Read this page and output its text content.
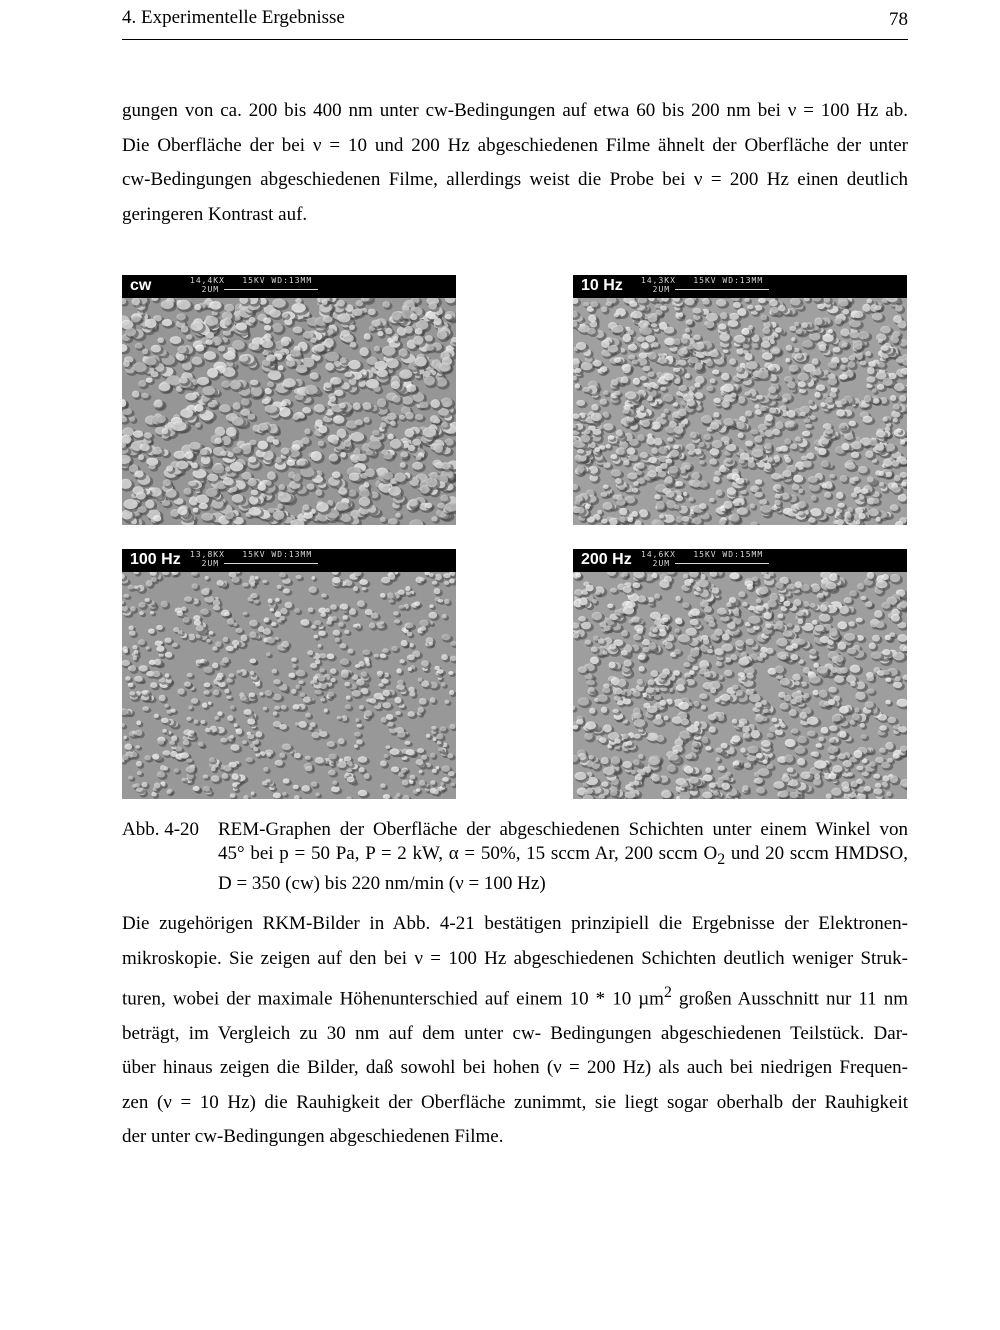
4. Experimentelle Ergebnisse	78

gungen von ca. 200 bis 400 nm unter cw-Bedingungen auf etwa 60 bis 200 nm bei ν = 100 Hz ab.
Die Oberfläche der bei ν = 10 und 200 Hz abgeschiedenen Filme ähnelt der Oberfläche der unter
cw-Bedingungen abgeschiedenen Filme, allerdings weist die Probe bei ν = 200 Hz einen deutlich
geringeren Kontrast auf.

cw	14,4KX   15KV WD:13MM
2UM	10 Hz 14,3KX   15KV WD:13MM
2UM
100 Hz 13,8KX   15KV WD:13MM
2UM	200 Hz 14,6KX   15KV WD:15MM
2UM
Abb. 4-20 REM-Graphen der Oberfläche der abgeschiedenen Schichten unter einem Winkel von
45° bei p = 50 Pa, P = 2 kW, α = 50%, 15 sccm Ar, 200 sccm $O_2$ und 20 sccm HMDSO,
D = 350 (cw) bis 220 nm/min (ν = 100 Hz)

Die zugehörigen RKM-Bilder in Abb. 4-21 bestätigen prinzipiell die Ergebnisse der Elektronen-
mikroskopie. Sie zeigen auf den bei ν = 100 Hz abgeschiedenen Schichten deutlich weniger Struk-
turen, wobei der maximale Höhenunterschied auf einem 10 * 10 µm$^2$ großen Ausschnitt nur 11 nm
beträgt, im Vergleich zu 30 nm auf dem unter cw- Bedingungen abgeschiedenen Teilstück. Dar-
über hinaus zeigen die Bilder, daß sowohl bei hohen (ν = 200 Hz) als auch bei niedrigen Frequen-
zen (ν = 10 Hz) die Rauhigkeit der Oberfläche zunimmt, sie liegt sogar oberhalb der Rauhigkeit
der unter cw-Bedingungen abgeschiedenen Filme.
